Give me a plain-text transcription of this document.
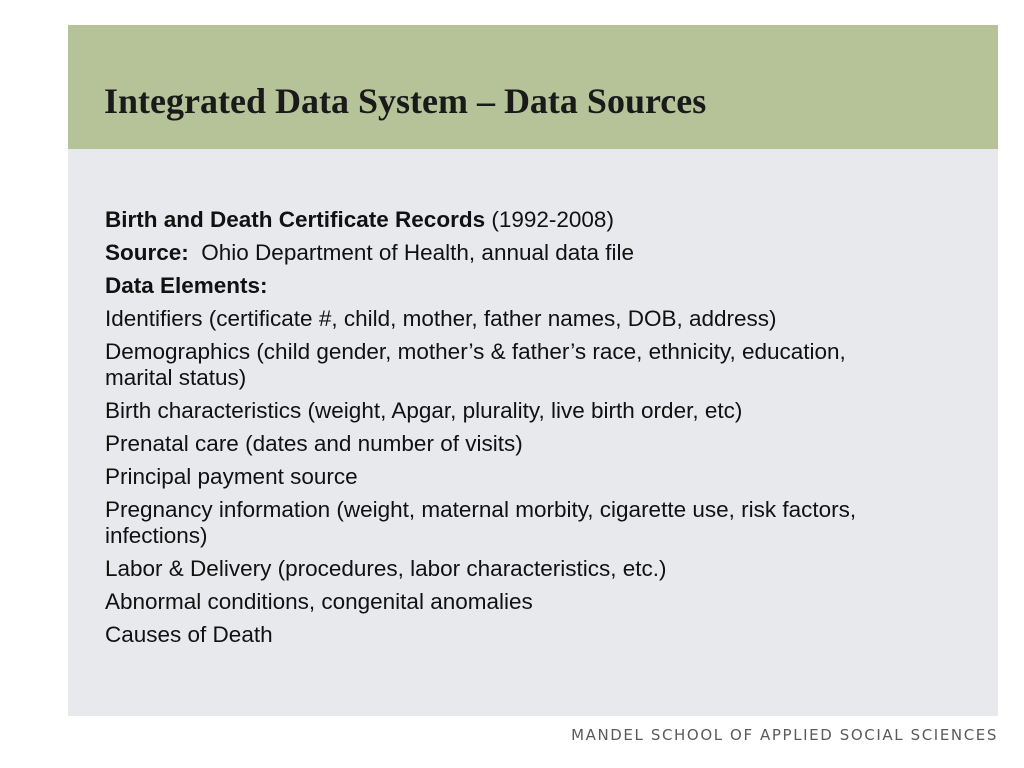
Integrated Data System – Data Sources

Birth and Death Certificate Records (1992-2008)

Source:  Ohio Department of Health, annual data file

Data Elements:

Identifiers (certificate #, child, mother, father names, DOB, address)

Demographics (child gender, mother’s & father’s race, ethnicity, education, marital status)

Birth characteristics (weight, Apgar, plurality, live birth order, etc)

Prenatal care (dates and number of visits)

Principal payment source

Pregnancy information (weight, maternal morbity, cigarette use, risk factors, infections)

Labor & Delivery (procedures, labor characteristics, etc.)

Abnormal conditions, congenital anomalies

Causes of Death

MANDEL SCHOOL OF APPLIED SOCIAL SCIENCES
